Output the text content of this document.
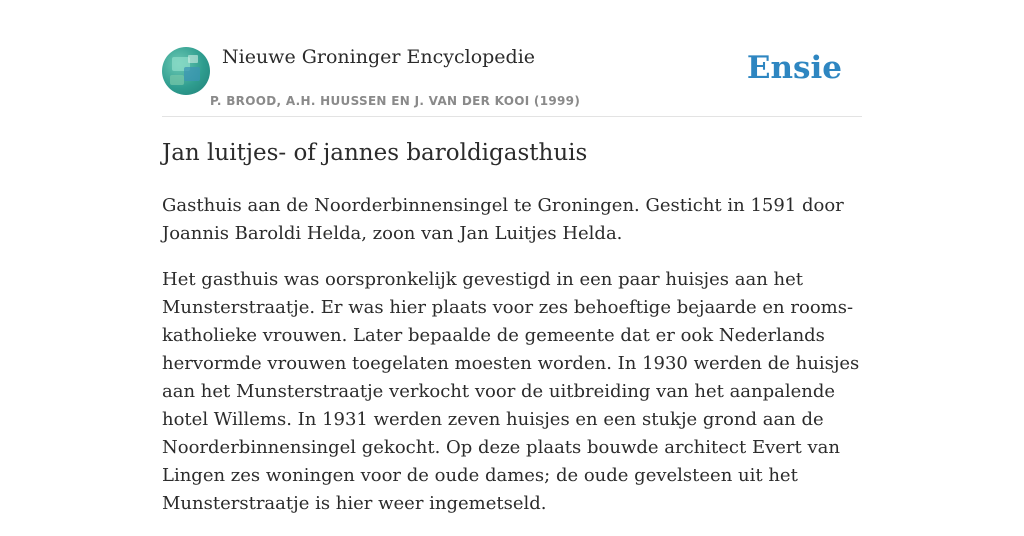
Nieuwe Groninger Encyclopedie
P. BROOD, A.H. HUUSSEN EN J. VAN DER KOOI (1999)
Ensie
Jan luitjes- of jannes baroldigasthuis

Gasthuis aan de Noorderbinnensingel te Groningen. Gesticht in 1591 door Joannis Baroldi Helda, zoon van Jan Luitjes Helda.

Het gasthuis was oorspronkelijk gevestigd in een paar huisjes aan het Munsterstraatje. Er was hier plaats voor zes behoeftige bejaarde en rooms-katholieke vrouwen. Later bepaalde de gemeente dat er ook Nederlands hervormde vrouwen toegelaten moesten worden. In 1930 werden de huisjes aan het Munsterstraatje verkocht voor de uitbreiding van het aanpalende hotel Willems. In 1931 werden zeven huisjes en een stukje grond aan de Noorderbinnensingel gekocht. Op deze plaats bouwde architect Evert van Lingen zes woningen voor de oude dames; de oude gevelsteen uit het Munsterstraatje is hier weer ingemetseld.
